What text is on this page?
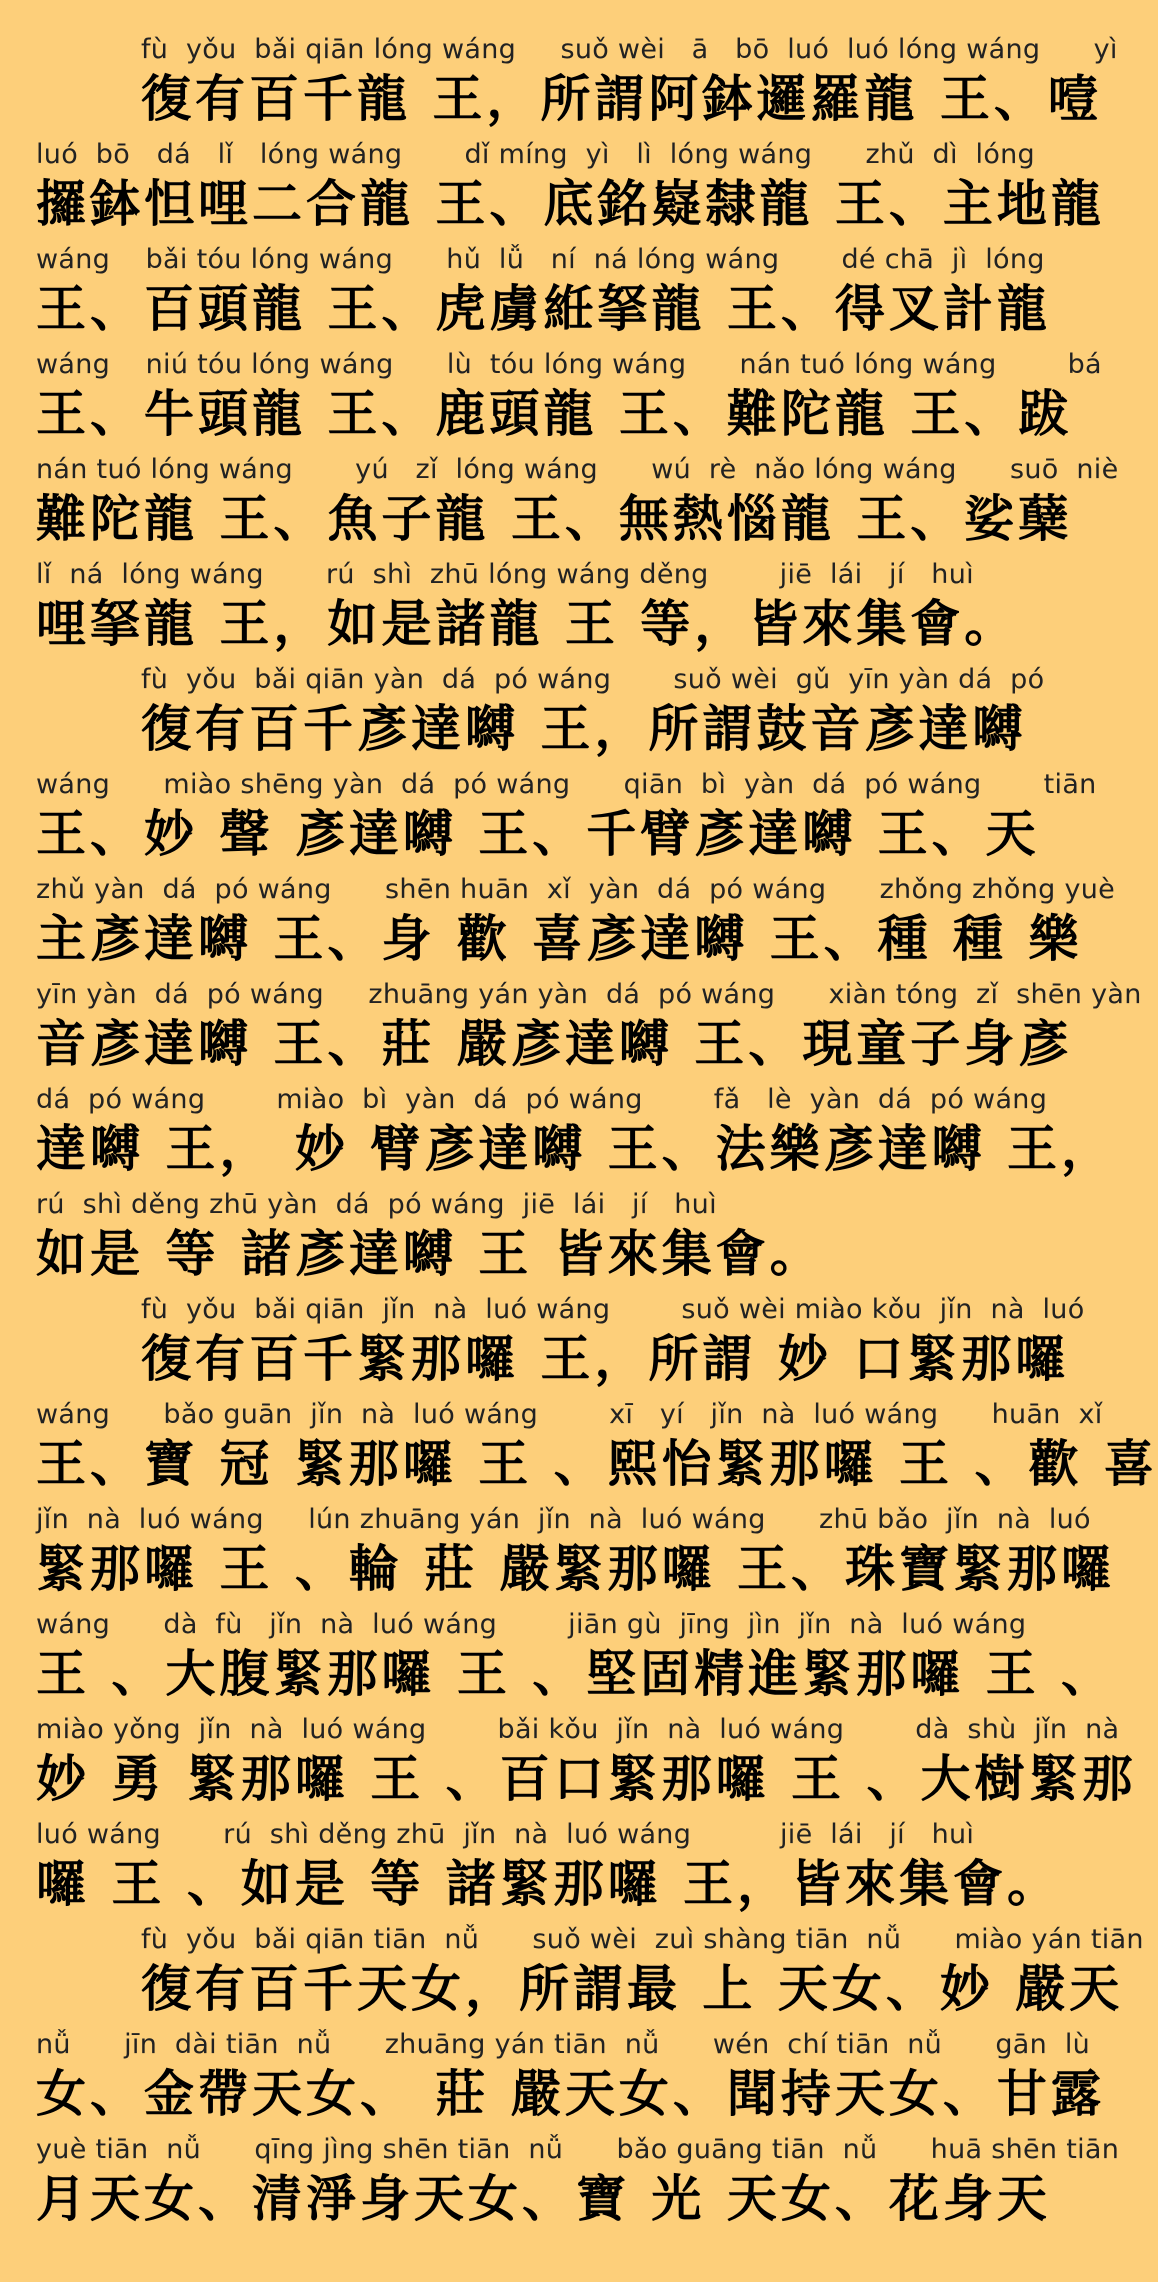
fù  yǒu  bǎi qiān lóng wáng     suǒ wèi   ā   bō  luó  luó lóng wáng      yì
復有百千龍 王，所謂阿鉢邏羅龍 王、噎
luó  bō   dá   lǐ   lóng wáng       dǐ míng  yì   lì  lóng wáng      zhǔ  dì  lóng
攞鉢怛哩二合龍 王、底銘嶷隸龍 王、主地龍
wáng    bǎi tóu lóng wáng      hǔ  lǚ   ní  ná lóng wáng       dé chā  jì  lóng
王、百頭龍 王、虎虜絍拏龍 王、得叉計龍
wáng    niú tóu lóng wáng      lù  tóu lóng wáng      nán tuó lóng wáng        bá
王、牛頭龍 王、鹿頭龍 王、難陀龍 王、跋
nán tuó lóng wáng       yú   zǐ  lóng wáng      wú  rè  nǎo lóng wáng      suō  niè
難陀龍 王、魚子龍 王、無熱惱龍 王、娑蘖
lǐ  ná  lóng wáng       rú  shì  zhū lóng wáng děng        jiē  lái   jí   huì
哩拏龍 王，如是諸龍 王 等，皆來集會。
fù  yǒu  bǎi qiān yàn  dá  pó wáng       suǒ wèi  gǔ  yīn yàn dá  pó
復有百千彥達嚩 王，所謂鼓音彥達嚩
wáng      miào shēng yàn  dá  pó wáng      qiān  bì  yàn  dá  pó wáng       tiān
王、妙 聲 彥達嚩 王、千臂彥達嚩 王、天
zhǔ yàn  dá  pó wáng      shēn huān  xǐ  yàn  dá  pó wáng      zhǒng zhǒng yuè
主彥達嚩 王、身 歡 喜彥達嚩 王、種 種 樂
yīn yàn  dá  pó wáng     zhuāng yán yàn  dá  pó wáng      xiàn tóng  zǐ  shēn yàn
音彥達嚩 王、莊 嚴彥達嚩 王、現童子身彥
dá  pó wáng        miào  bì  yàn  dá  pó wáng        fǎ   lè  yàn  dá  pó wáng
達嚩 王， 妙 臂彥達嚩 王、法樂彥達嚩 王，
rú  shì děng zhū yàn  dá  pó wáng  jiē  lái   jí   huì
如是 等 諸彥達嚩 王 皆來集會。
fù  yǒu  bǎi qiān  jǐn  nà  luó wáng        suǒ wèi miào kǒu  jǐn  nà  luó
復有百千緊那囉 王，所謂 妙 口緊那囉
wáng      bǎo guān  jǐn  nà  luó wáng        xī   yí   jǐn  nà  luó wáng      huān  xǐ
王、寶 冠 緊那囉 王 、熙怡緊那囉 王 、歡 喜
jǐn  nà  luó wáng     lún zhuāng yán  jǐn  nà  luó wáng      zhū bǎo  jǐn  nà  luó
緊那囉 王 、輪 莊 嚴緊那囉 王、珠寶緊那囉
wáng      dà  fù   jǐn  nà  luó wáng        jiān gù  jīng  jìn  jǐn  nà  luó wáng
王 、大腹緊那囉 王 、堅固精進緊那囉 王 、
miào yǒng  jǐn  nà  luó wáng        bǎi kǒu  jǐn  nà  luó wáng        dà  shù  jǐn  nà
妙 勇 緊那囉 王 、百口緊那囉 王 、大樹緊那
luó wáng       rú  shì děng zhū  jǐn  nà  luó wáng          jiē  lái   jí   huì
囉 王 、如是 等 諸緊那囉 王，皆來集會。
fù  yǒu  bǎi qiān tiān  nǚ      suǒ wèi  zuì shàng tiān  nǚ      miào yán tiān
復有百千天女，所謂最 上 天女、妙 嚴天
nǚ      jīn  dài tiān  nǚ      zhuāng yán tiān  nǚ      wén  chí tiān  nǚ      gān  lù
女、金帶天女、 莊 嚴天女、聞持天女、甘露
yuè tiān  nǚ      qīng jìng shēn tiān  nǚ      bǎo guāng tiān  nǚ      huā shēn tiān
月天女、清淨身天女、寶 光 天女、花身天
